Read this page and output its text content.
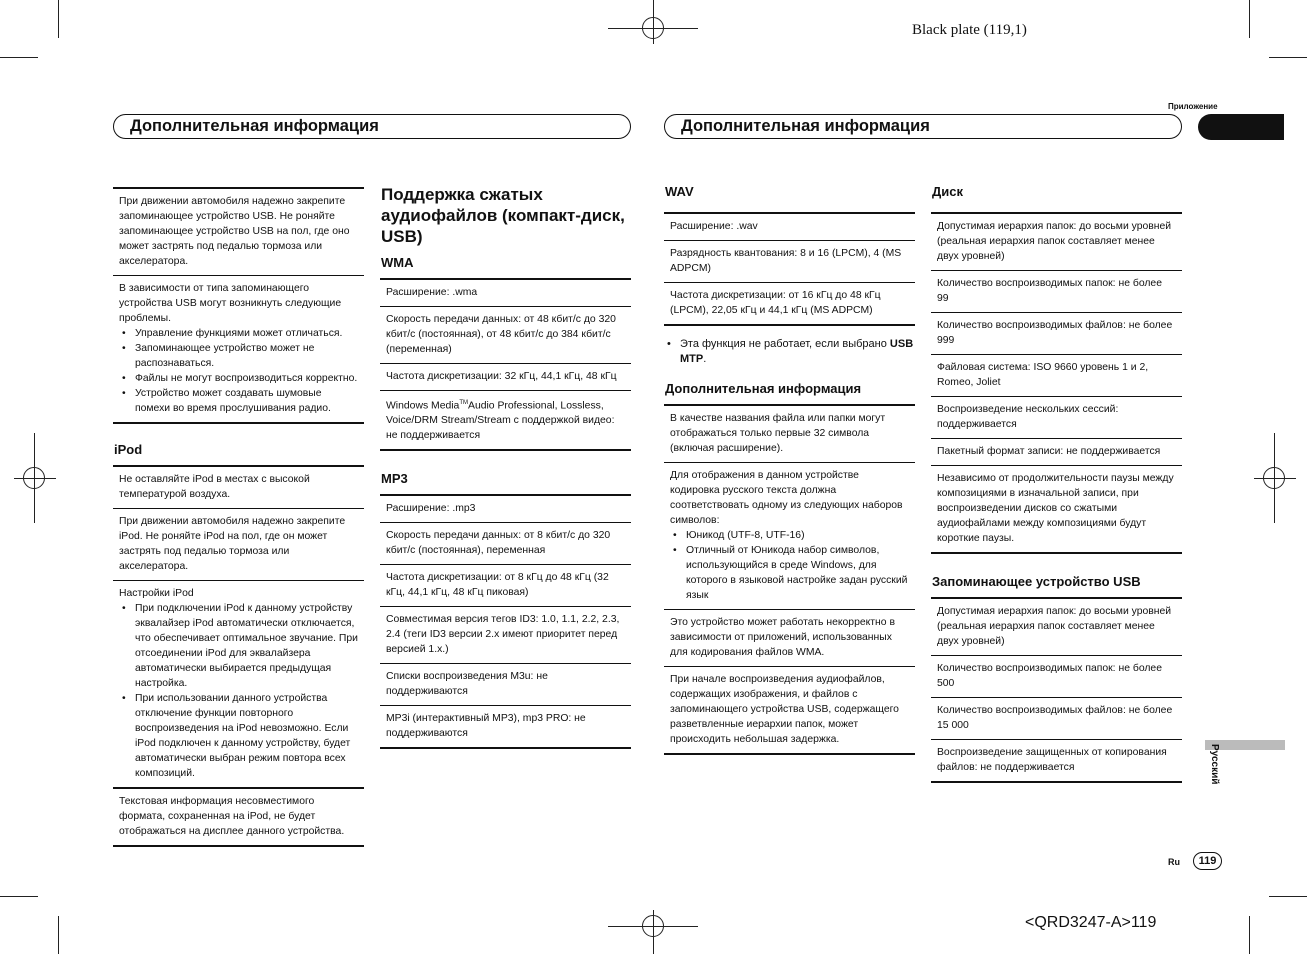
Black plate (119,1)
Приложение
Дополнительная информация	Дополнительная информация
При движении автомобиля надежно закрепите запоминающее устройство USB. Не роняйте запоминающее устройство USB на пол, где оно может застрять под педалью тормоза или акселератора.
В зависимости от типа запоминающего устройства USB могут возникнуть следующие проблемы.
• Управление функциями может отличаться.
• Запоминающее устройство может не распознаваться.
• Файлы не могут воспроизводиться корректно.
• Устройство может создавать шумовые помехи во время прослушивания радио.
iPod
Не оставляйте iPod в местах с высокой температурой воздуха.
При движении автомобиля надежно закрепите iPod. Не роняйте iPod на пол, где он может застрять под педалью тормоза или акселератора.
Настройки iPod
• При подключении iPod к данному устройству эквалайзер iPod автоматически отключается, что обеспечивает оптимальное звучание. При отсоединении iPod для эквалайзера автоматически выбирается предыдущая настройка.
• При использовании данного устройства отключение функции повторного воспроизведения на iPod невозможно. Если iPod подключен к данному устройству, будет автоматически выбран режим повтора всех композиций.
Текстовая информация несовместимого формата, сохраненная на iPod, не будет отображаться на дисплее данного устройства.
Поддержка сжатых аудиофайлов (компакт-диск, USB)
WMA
Расширение: .wma
Скорость передачи данных: от 48 кбит/с до 320 кбит/с (постоянная), от 48 кбит/с до 384 кбит/с (переменная)
Частота дискретизации: 32 кГц, 44,1 кГц, 48 кГц
Windows Media™Audio Professional, Lossless, Voice/DRM Stream/Stream с поддержкой видео: не поддерживается
MP3
Расширение: .mp3
Скорость передачи данных: от 8 кбит/с до 320 кбит/с (постоянная), переменная
Частота дискретизации: от 8 кГц до 48 кГц (32 кГц, 44,1 кГц, 48 кГц пиковая)
Совместимая версия тегов ID3: 1.0, 1.1, 2.2, 2.3, 2.4 (теги ID3 версии 2.x имеют приоритет перед версией 1.x.)
Списки воспроизведения M3u: не поддерживаются
MP3i (интерактивный MP3), mp3 PRO: не поддерживаются
WAV
Расширение: .wav
Разрядность квантования: 8 и 16 (LPCM), 4 (MS ADPCM)
Частота дискретизации: от 16 кГц до 48 кГц (LPCM), 22,05 кГц и 44,1 кГц (MS ADPCM)
• Эта функция не работает, если выбрано USB MTP.
Дополнительная информация
В качестве названия файла или папки могут отображаться только первые 32 символа (включая расширение).
Для отображения в данном устройстве кодировка русского текста должна соответствовать одному из следующих наборов символов:
• Юникод (UTF-8, UTF-16)
• Отличный от Юникода набор символов, использующийся в среде Windows, для которого в языковой настройке задан русский язык
Это устройство может работать некорректно в зависимости от приложений, использованных для кодирования файлов WMA.
При начале воспроизведения аудиофайлов, содержащих изображения, и файлов с запоминающего устройства USB, содержащего разветвленные иерархии папок, может происходить небольшая задержка.
Диск
Допустимая иерархия папок: до восьми уровней (реальная иерархия папок составляет менее двух уровней)
Количество воспроизводимых папок: не более 99
Количество воспроизводимых файлов: не более 999
Файловая система: ISO 9660 уровень 1 и 2, Romeo, Joliet
Воспроизведение нескольких сессий: поддерживается
Пакетный формат записи: не поддерживается
Независимо от продолжительности паузы между композициями в изначальной записи, при воспроизведении дисков со сжатыми аудиофайлами между композициями будут короткие паузы.
Запоминающее устройство USB
Допустимая иерархия папок: до восьми уровней (реальная иерархия папок составляет менее двух уровней)
Количество воспроизводимых папок: не более 500
Количество воспроизводимых файлов: не более 15 000
Воспроизведение защищенных от копирования файлов: не поддерживается	Русский
Ru	119
<QRD3247-A>119
